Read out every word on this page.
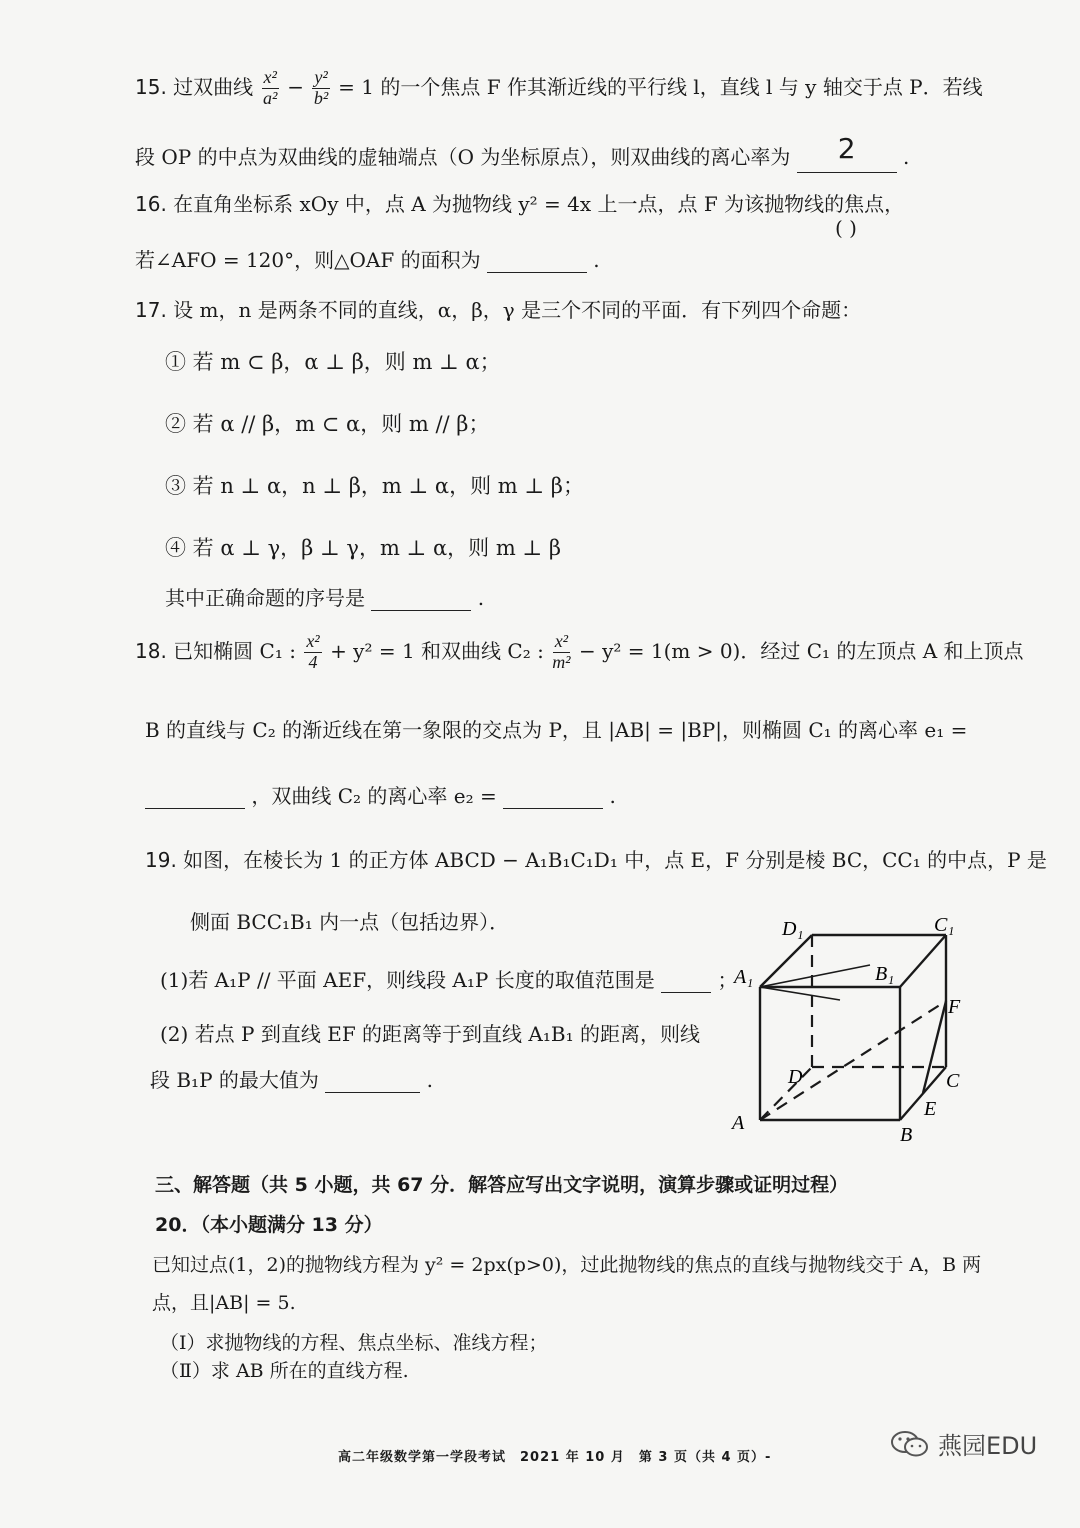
15. 过双曲线 $\frac{\text{x²}}{\text{a²}} - \frac{\text{y²}}{\text{b²}} = 1$ 的一个焦点 F 作其渐近线的平行线 l，直线 l 与 y 轴交于点 P．若线
段 OP 的中点为双曲线的虚轴端点（O 为坐标原点），则双曲线的离心率为 2 .
16. 在直角坐标系 xOy 中，点 A 为抛物线 y² = 4x 上一点，点 F 为该抛物线的焦点，
( )
若∠AFO = 120°，则△OAF 的面积为	.
17. 设 m，n 是两条不同的直线，α，β，γ 是三个不同的平面．有下列四个命题：
① 若 m ⊂ β，α ⊥ β，则 m ⊥ α；
② 若 α // β，m ⊂ α，则 m // β；
③ 若 n ⊥ α，n ⊥ β，m ⊥ α，则 m ⊥ β；
④ 若 α ⊥ γ，β ⊥ γ，m ⊥ α，则 m ⊥ β
其中正确命题的序号是	.
18. 已知椭圆 C₁ : $\frac{\text{x²}}{4} + y^2 = 1$ 和双曲线 C₂ : $\frac{\text{x²}}{\text{m²}} - y^2 = 1(m > 0)$．经过 C₁ 的左顶点 A 和上顶点
B 的直线与 C₂ 的渐近线在第一象限的交点为 P，且 |AB| = |BP|，则椭圆 C₁ 的离心率 e₁ =
，双曲线 C₂ 的离心率 e₂ =	.
19. 如图，在棱长为 1 的正方体 ABCD − A₁B₁C₁D₁ 中，点 E，F 分别是棱 BC，CC₁ 的中点，P 是
侧面 BCC₁B₁ 内一点（包括边界）．
(1)若 A₁P // 平面 AEF，则线段 A₁P 长度的取值范围是	；
(2) 若点 P 到直线 EF 的距离等于到直线 A₁B₁ 的距离，则线
段 B₁P 的最大值为	.
D₁	C₁
A₁	B₁
F
D	C
E
A
B
三、解答题（共 5 小题，共 67 分．解答应写出文字说明，演算步骤或证明过程）
20．（本小题满分 13 分）
已知过点(1，2)的抛物线方程为 y² = 2px(p>0)，过此抛物线的焦点的直线与抛物线交于 A，B 两
点，且|AB| = 5.
（Ⅰ）求抛物线的方程、焦点坐标、准线方程；
（Ⅱ）求 AB 所在的直线方程.
高二年级数学第一学段考试　2021 年 10 月　第 3 页（共 4 页）-	燕园EDU
